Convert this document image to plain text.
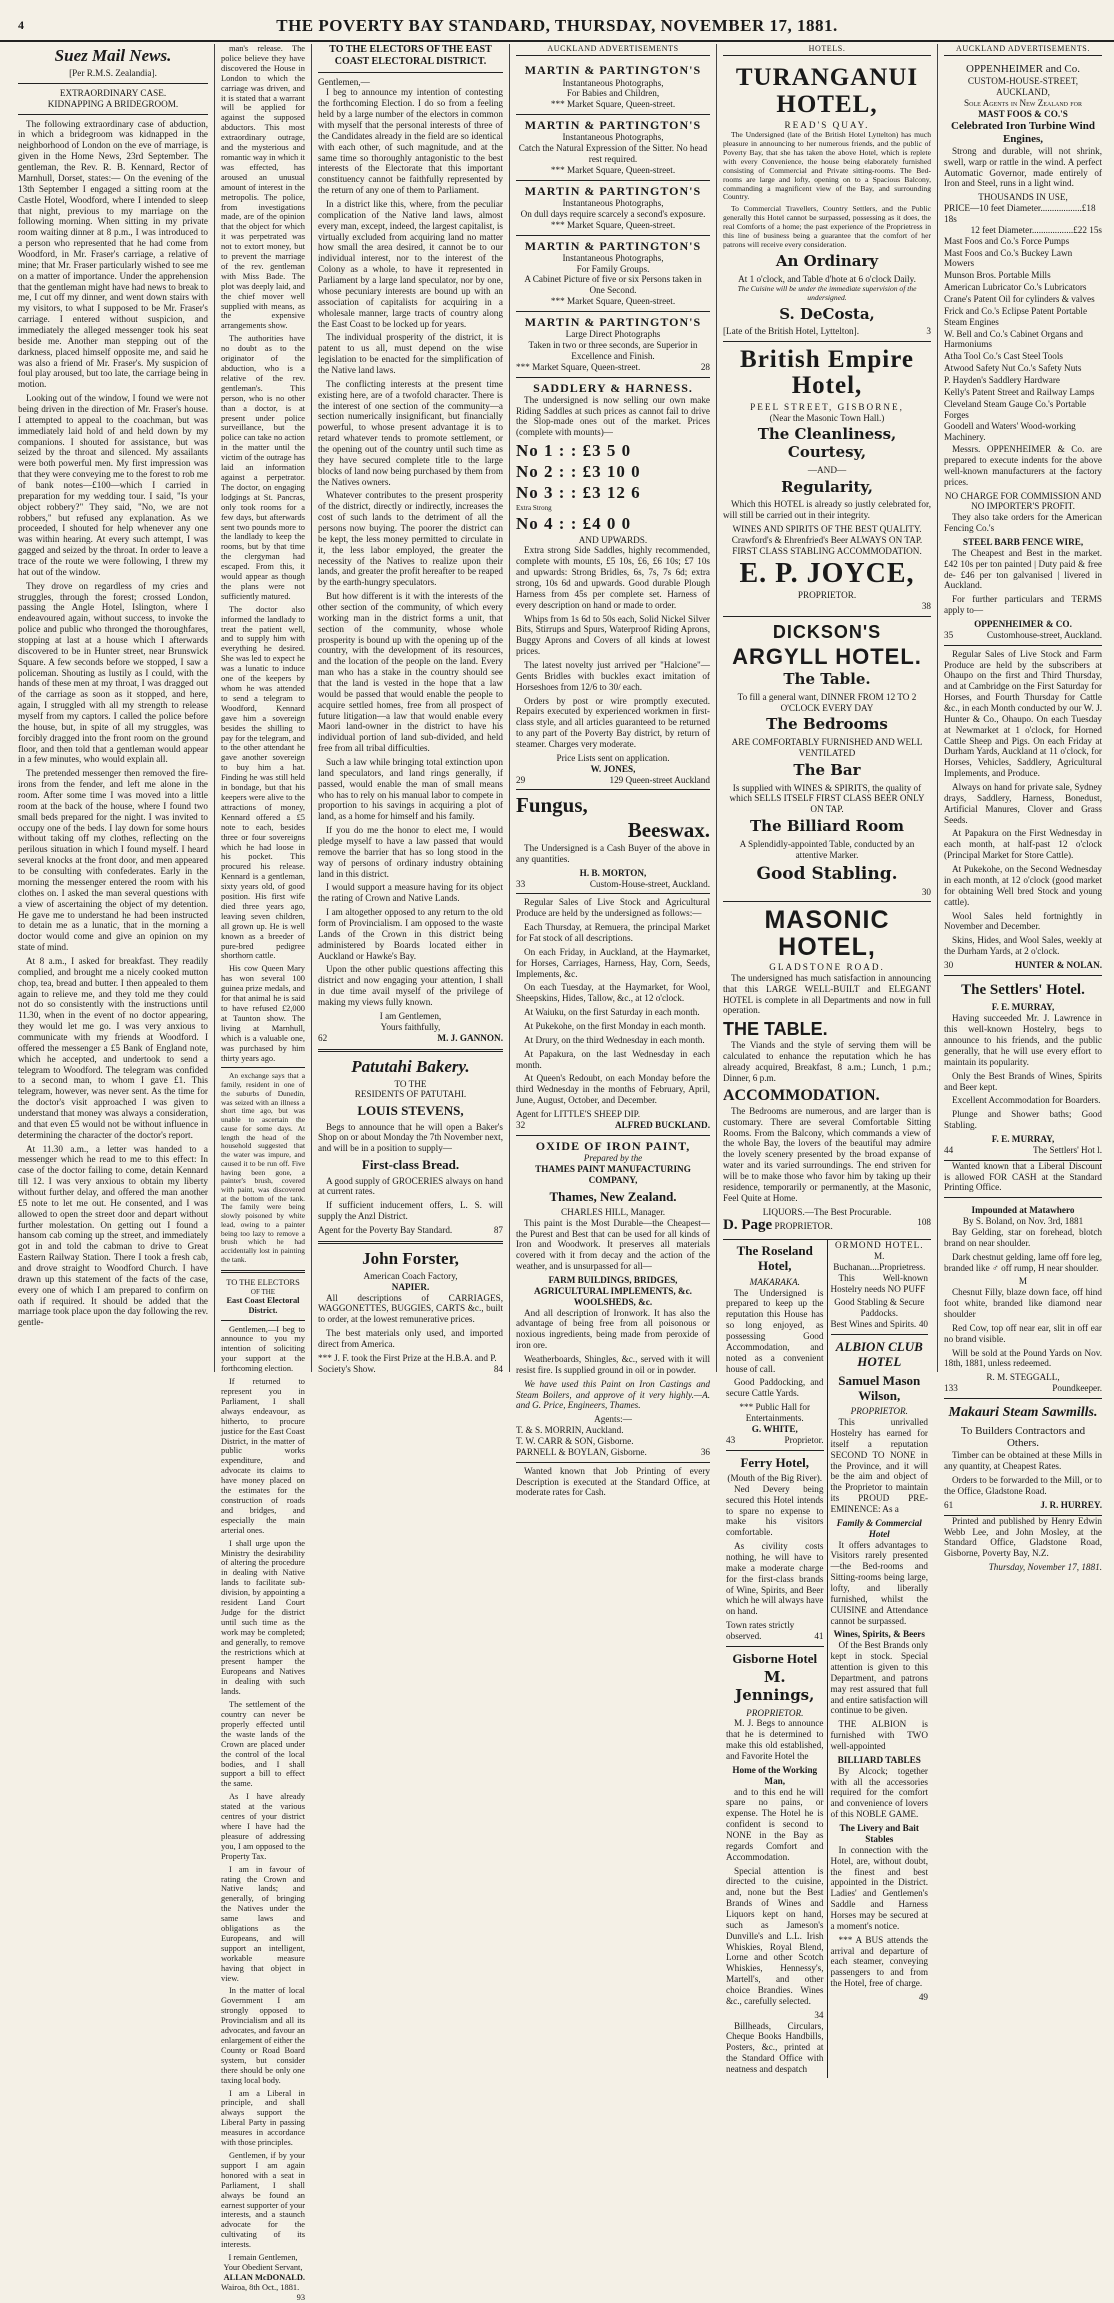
4	THE POVERTY BAY STANDARD, THURSDAY, NOVEMBER 17, 1881.
Suez Mail News.
[Per R.M.S. Zealandia].
EXTRAORDINARY CASE.
KIDNAPPING A BRIDEGROOM.

The following extraordinary case of abduction, in which a bridegroom was kidnapped in the neighborhood of London on the eve of marriage, is given in the Home News, 23rd September. The gentleman, the Rev. R. B. Kennard, Rector of Marnhull, Dorset, states:— On the evening of the 13th September I engaged a sitting room at the Castle Hotel, Woodford, where I intended to sleep that night, previous to my marriage on the following morning. When sitting in my private room waiting dinner at 8 p.m., I was introduced to a person who represented that he had come from Woodford, in Mr. Fraser's carriage, a relative of mine; that Mr. Fraser particularly wished to see me on a matter of importance. Under the apprehension that the gentleman might have had news to break to me, I cut off my dinner, and went down stairs with my visitors, to what I supposed to be Mr. Fraser's carriage. I entered without suspicion, and immediately the alleged messenger took his seat beside me. Another man stepping out of the darkness, placed himself opposite me, and said he was also a friend of Mr. Fraser's. My suspicion of foul play aroused, but too late, the carriage being in motion.

Looking out of the window, I found we were not being driven in the direction of Mr. Fraser's house. I attempted to appeal to the coachman, but was immediately laid hold of and held down by my companions. I shouted for assistance, but was seized by the throat and silenced. My assailants were both powerful men. My first impression was that they were conveying me to the forest to rob me of bank notes—£100—which I carried in preparation for my wedding tour. I said, "Is your object robbery?" They said, "No, we are not robbers," but refused any explanation. As we proceeded, I shouted for help whenever any one was within hearing. At every such attempt, I was gagged and seized by the throat. In order to leave a trace of the route we were following, I threw my hat out of the window.

They drove on regardless of my cries and struggles, through the forest; crossed London, passing the Angle Hotel, Islington, where I endeavoured again, without success, to invoke the police and public who thronged the thoroughfares, stopping at last at a house which I afterwards discovered to be in Hunter street, near Brunswick Square. A few seconds before we stopped, I saw a policeman. Shouting as lustily as I could, with the hands of these men at my throat, I was dragged out of the carriage as soon as it stopped, and here, again, I struggled with all my strength to release myself from my captors. I called the police before the house, but, in spite of all my struggles, was forcibly dragged into the front room on the ground floor, and then told that a gentleman would appear in a few minutes, who would explain all.

The pretended messenger then removed the fire-irons from the fender, and left me alone in the room. After some time I was moved into a little room at the back of the house, where I found two small beds prepared for the night. I was invited to occupy one of the beds. I lay down for some hours without taking off my clothes, reflecting on the perilous situation in which I found myself. I heard several knocks at the front door, and men appeared to be consulting with confederates. Early in the morning the messenger entered the room with his clothes on. I asked the man several questions with a view of ascertaining the object of my detention. He gave me to understand he had been instructed to detain me as a lunatic, that in the morning a doctor would come and give an opinion on my state of mind.

At 8 a.m., I asked for breakfast. They readily complied, and brought me a nicely cooked mutton chop, tea, bread and butter. I then appealed to them again to relieve me, and they told me they could not do so consistently with the instructions until 11.30, when in the event of no doctor appearing, they would let me go. I was very anxious to communicate with my friends at Woodford. I offered the messenger a £5 Bank of England note, which he accepted, and undertook to send a telegram to Woodford. The telegram was confided to a second man, to whom I gave £1. This telegram, however, was never sent. As the time for the doctor's visit approached I was given to understand that money was always a consideration, and that even £5 would not be without influence in determining the character of the doctor's report.

At 11.30 a.m., a letter was handed to a messenger which he read to me to this effect: In case of the doctor failing to come, detain Kennard till 12. I was very anxious to obtain my liberty without further delay, and offered the man another £5 note to let me out. He consented, and I was allowed to open the street door and depart without further molestation. On getting out I found a hansom cab coming up the street, and immediately got in and told the cabman to drive to Great Eastern Railway Station. There I took a fresh cab, and drove straight to Woodford Church. I have drawn up this statement of the facts of the case, every one of which I am prepared to confirm on oath if required. It should be added that the marriage took place upon the day following the rev. gentle-

man's release. The police believe they have discovered the House in London to which the carriage was driven, and it is stated that a warrant will be applied for against the supposed abductors. This most extraordinary outrage, and the mysterious and romantic way in which it was effected, has aroused an unusual amount of interest in the metropolis. The police, from investigations made, are of the opinion that the object for which it was perpetrated was not to extort money, but to prevent the marriage of the rev. gentleman with Miss Bade. The plot was deeply laid, and the chief mover well supplied with means, as the expensive arrangements show.

The authorities have no doubt as to the originator of the abduction, who is a relative of the rev. gentleman's. This person, who is no other than a doctor, is at present under police surveillance, but the police can take no action in the matter until the victim of the outrage has laid an information against a perpetrator. The doctor, on engaging lodgings at St. Pancras, only took rooms for a few days, but afterwards sent two pounds more to the landlady to keep the rooms, but by that time the clergyman had escaped. From this, it would appear as though the plans were not sufficiently matured.

The doctor also informed the landlady to treat the patient well, and to supply him with everything he desired. She was led to expect he was a lunatic to induce one of the keepers by whom he was attended to send a telegram to Woodford, Kennard gave him a sovereign besides the shilling to pay for the telegram, and to the other attendant he gave another sovereign to buy him a hat. Finding he was still held in bondage, but that his keepers were alive to the attractions of money, Kennard offered a £5 note to each, besides three or four sovereigns which he had loose in his pocket. This procured his release. Kennard is a gentleman, sixty years old, of good position. His first wife died three years ago, leaving seven children, all grown up. He is well known as a breeder of pure-bred pedigree shorthorn cattle.

His cow Queen Mary has won several 100 guinea prize medals, and for that animal he is said to have refused £2,000 at Taunton show. The living at Marnhull, which is a valuable one, was purchased by him thirty years ago.

An exchange says that a family, resident in one of the suburbs of Dunedin, was seized with an illness a short time ago, but was unable to ascertain the cause for some days. At length the head of the household suggested that the water was impure, and caused it to be run off. Five having been gone, a painter's brush, covered with paint, was discovered at the bottom of the tank. The family were being slowly poisoned by white lead, owing to a painter being too lazy to remove a brush which he had accidentally lost in painting the tank.

TO THE ELECTORS
OF THE
East Coast Electoral District.

Gentlemen,—I beg to announce to you my intention of soliciting your support at the forthcoming election.

If returned to represent you in Parliament, I shall always endeavour, as hitherto, to procure justice for the East Coast District, in the matter of public works expenditure, and advocate its claims to have money placed on the estimates for the construction of roads and bridges, and especially the main arterial ones.

I shall urge upon the Ministry the desirability of altering the procedure in dealing with Native lands to facilitate sub-division, by appointing a resident Land Court Judge for the district until such time as the work may be completed; and generally, to remove the restrictions which at present hamper the Europeans and Natives in dealing with such lands.

The settlement of the country can never be properly effected until the waste lands of the Crown are placed under the control of the local bodies, and I shall support a bill to effect the same.

As I have already stated at the various centres of your district where I have had the pleasure of addressing you, I am opposed to the Property Tax.

I am in favour of rating the Crown and Native lands; and generally, of bringing the Natives under the same laws and obligations as the Europeans, and will support an intelligent, workable measure having that object in view.

In the matter of local Government I am strongly opposed to Provincialism and all its advocates, and favour an enlargement of either the County or Road Board system, but consider there should be only one taxing local body.

I am a Liberal in principle, and shall always support the Liberal Party in passing measures in accordance with those principles.

Gentlemen, if by your support I am again honored with a seat in Parliament, I shall always be found an earnest supporter of your interests, and a staunch advocate for the cultivating of its interests.

I remain Gentlemen,
Your Obedient Servant,
ALLAN McDONALD.
Wairoa, 8th Oct., 1881.
93
TO THE ELECTORS OF THE EAST COAST ELECTORAL DISTRICT.
Gentlemen,—

I beg to announce my intention of contesting the forthcoming Election. I do so from a feeling held by a large number of the electors in common with myself that the personal interests of three of the Candidates already in the field are so identical with each other, of such magnitude, and at the same time so thoroughly antagonistic to the best interests of the Electorate that this important constituency cannot be faithfully represented by the return of any one of them to Parliament.

In a district like this, where, from the peculiar complication of the Native land laws, almost every man, except, indeed, the largest capitalist, is virtually excluded from acquiring land no matter how small the area desired, it cannot be to our individual interest, nor to the interest of the Colony as a whole, to have it represented in Parliament by a large land speculator, nor by one, whose pecuniary interests are bound up with an association of capitalists for acquiring in a wholesale manner, large tracts of country along the East Coast to be locked up for years.

The individual prosperity of the district, it is patent to us all, must depend on the wise legislation to be enacted for the simplification of the Native land laws.

The conflicting interests at the present time existing here, are of a twofold character. There is the interest of one section of the community—a section numerically insignificant, but financially powerful, to whose present advantage it is to retard whatever tends to promote settlement, or the opening out of the country until such time as they have secured complete title to the large blocks of land now being purchased by them from the Natives owners.

Whatever contributes to the present prosperity of the district, directly or indirectly, increases the cost of such lands to the detriment of all the persons now buying. The poorer the district can be kept, the less money permitted to circulate in it, the less labor employed, the greater the necessity of the Natives to realize upon their lands, and greater the profit hereafter to be reaped by the earth-hungry speculators.

But how different is it with the interests of the other section of the community, of which every working man in the district forms a unit, that section of the community, whose whole prosperity is bound up with the opening up of the country, with the development of its resources, and the location of the people on the land. Every man who has a stake in the country should see that the land is vested in the hope that a law would be passed that would enable the people to acquire settled homes, free from all prospect of future litigation—a law that would enable every Maori land-owner in the district to have his individual portion of land sub-divided, and held free from all tribal difficulties.

Such a law while bringing total extinction upon land speculators, and land rings generally, if passed, would enable the man of small means who has to rely on his manual labor to compete in proportion to his savings in acquiring a plot of land, as a home for himself and his family.

If you do me the honor to elect me, I would pledge myself to have a law passed that would remove the barrier that has so long stood in the way of persons of ordinary industry obtaining land in this district.

I would support a measure having for its object the rating of Crown and Native Lands.

I am altogether opposed to any return to the old form of Provincialism. I am opposed to the waste Lands of the Crown in this district being administered by Boards located either in Auckland or Hawke's Bay.

Upon the other public questions affecting this district and now engaging your attention, I shall in due time avail myself of the privilege of making my views fully known.

I am Gentlemen,
Yours faithfully,
62	M. J. GANNON.
Patutahi Bakery.
TO THE
RESIDENTS OF PATUTAHI.
LOUIS STEVENS,

Begs to announce that he will open a Baker's Shop on or about Monday the 7th November next, and will be in a position to supply—

First-class Bread.

A good supply of GROCERIES always on hand at current rates.

If sufficient inducement offers, L. S. will supply the Anzl District.

Agent for the Poverty Bay Standard.	87
John Forster,
American Coach Factory,
NAPIER.

All descriptions of CARRIAGES, WAGGONETTES, BUGGIES, CARTS &c., built to order, at the lowest remunerative prices.

The best materials only used, and imported direct from America.

*** J. F. took the First Prize at the H.B.A. and P. Society's Show.	84
AUCKLAND ADVERTISEMENTS
MARTIN & PARTINGTON'S
Instantaneous Photographs,
For Babies and Children,
*** Market Square, Queen-street.
MARTIN & PARTINGTON'S
Instantaneous Photographs,
Catch the Natural Expression of the Sitter. No head rest required.
*** Market Square, Queen-street.
MARTIN & PARTINGTON'S
Instantaneous Photographs,
On dull days require scarcely a second's exposure.
*** Market Square, Queen-street.
MARTIN & PARTINGTON'S
Instantaneous Photographs,
For Family Groups.
A Cabinet Picture of five or six Persons taken in One Second.
*** Market Square, Queen-street.
MARTIN & PARTINGTON'S
Large Direct Photographs
Taken in two or three seconds, are Superior in Excellence and Finish.
*** Market Square, Queen-street.	28
SADDLERY & HARNESS.

The undersigned is now selling our own make Riding Saddles at such prices as cannot fail to drive the Slop-made ones out of the market. Prices (complete with mounts)—

No 1 : : £3 5 0
No 2 : : £3 10 0
No 3 : : £3 12 6
Extra Strong
No 4 : : £4 0 0
AND UPWARDS.

Extra strong Side Saddles, highly recommended, complete with mounts, £5 10s, £6, £6 10s; £7 10s and upwards: Strong Bridles, 6s, 7s, 7s 6d; extra strong, 10s 6d and upwards. Good durable Plough Harness from 45s per complete set. Harness of every description on hand or made to order.

Whips from 1s 6d to 50s each, Solid Nickel Silver Bits, Stirrups and Spurs, Waterproof Riding Aprons, Buggy Aprons and Covers of all kinds at lowest prices.

The latest novelty just arrived per "Halcione"—Gents Bridles with buckles exact imitation of Horseshoes from 12/6 to 30/ each.

Orders by post or wire promptly executed. Repairs executed by experienced workmen in first-class style, and all articles guaranteed to be returned to any part of the Poverty Bay district, by return of steamer. Charges very moderate.

Price Lists sent on application.
W. JONES,
29	129 Queen-street Auckland
Fungus,
Beeswax.

The Undersigned is a Cash Buyer of the above in any quantities.

H. B. MORTON,
33	Custom-House-street, Auckland.

Regular Sales of Live Stock and Agricultural Produce are held by the undersigned as follows:—

Each Thursday, at Remuera, the principal Market for Fat stock of all descriptions.

On each Friday, in Auckland, at the Haymarket, for Horses, Carriages, Harness, Hay, Corn, Seeds, Implements, &c.

On each Tuesday, at the Haymarket, for Wool, Sheepskins, Hides, Tallow, &c., at 12 o'clock.

At Waiuku, on the first Saturday in each month.

At Pukekohe, on the first Monday in each month.

At Drury, on the third Wednesday in each month.

At Papakura, on the last Wednesday in each month.

At Queen's Redoubt, on each Monday before the third Wednesday in the months of February, April, June, August, October, and December.

Agent for LITTLE'S SHEEP DIP.
32	ALFRED BUCKLAND.
OXIDE OF IRON PAINT,
Prepared by the
THAMES PAINT MANUFACTURING COMPANY,
Thames, New Zealand.
CHARLES HILL, Manager.

This paint is the Most Durable—the Cheapest—the Purest and Best that can be used for all kinds of Iron and Woodwork. It preserves all materials covered with it from decay and the action of the weather, and is unsurpassed for all—

FARM BUILDINGS, BRIDGES, AGRICULTURAL IMPLEMENTS, &c. WOOLSHEDS, &c.

And all description of Ironwork. It has also the advantage of being free from all poisonous or noxious ingredients, being made from peroxide of iron ore.

Weatherboards, Shingles, &c., served with it will resist fire. Is supplied ground in oil or in powder.

We have used this Paint on Iron Castings and Steam Boilers, and approve of it very highly.—A. and G. Price, Engineers, Thames.

Agents:—
T. & S. MORRIN, Auckland.
T. W. CARR & SON, Gisborne.
PARNELL & BOYLAN, Gisborne.	36

Wanted known that Job Printing of every Description is executed at the Standard Office, at moderate rates for Cash.

HOTELS.
TURANGANUI HOTEL,
READ'S QUAY.

The Undersigned (late of the British Hotel Lyttelton) has much pleasure in announcing to her numerous friends, and the public of Poverty Bay, that she has taken the above Hotel, which is replete with every Convenience, the house being elaborately furnished consisting of Commercial and Private sitting-rooms. The Bed-rooms are large and lofty, opening on to a Spacious Balcony, commanding a magnificent view of the Bay, and surrounding Country.

To Commercial Travellers, Country Settlers, and the Public generally this Hotel cannot be surpassed, possessing as it does, the real Comforts of a home; the past experience of the Proprietress in this line of business being a guarantee that the comfort of her patrons will receive every consideration.

An Ordinary
At 1 o'clock, and Table d'hote at 6 o'clock Daily.
The Cuisine will be under the immediate supervision of the undersigned.
S. DeCosta,
[Late of the British Hotel, Lyttelton].	3
British Empire Hotel,
PEEL STREET, GISBORNE,
(Near the Masonic Town Hall.)
The Cleanliness, Courtesy,
—AND—
Regularity,

Which this HOTEL is already so justly celebrated for, will still be carried out in their integrity.

WINES AND SPIRITS OF THE BEST QUALITY.
Crawford's & Ehrenfried's Beer ALWAYS ON TAP.
FIRST CLASS STABLING ACCOMMODATION.
E. P. JOYCE,
PROPRIETOR.
38
DICKSON'S
ARGYLL HOTEL.
The Table.
To fill a general want, DINNER FROM 12 TO 2 O'CLOCK EVERY DAY
The Bedrooms
ARE COMFORTABLY FURNISHED AND WELL VENTILATED
The Bar
Is supplied with WINES & SPIRITS, the quality of which SELLS ITSELF FIRST CLASS BEER ONLY ON TAP.
The Billiard Room
A Splendidly-appointed Table, conducted by an attentive Marker.
Good Stabling.
30
MASONIC HOTEL,
GLADSTONE ROAD.

The undersigned has much satisfaction in announcing that this LARGE WELL-BUILT and ELEGANT HOTEL is complete in all Departments and now in full operation.

THE TABLE.

The Viands and the style of serving them will be calculated to enhance the reputation which he has already acquired, Breakfast, 8 a.m.; Lunch, 1 p.m.; Dinner, 6 p.m.

ACCOMMODATION.

The Bedrooms are numerous, and are larger than is customary. There are several Comfortable Sitting Rooms. From the Balcony, which commands a view of the whole Bay, the lovers of the beautiful may admire the lovely scenery presented by the broad expanse of water and its varied surroundings. The end striven for will be to make those who favor him by taking up their residence, temporarily or permanently, at the Masonic, Feel Quite at Home.

LIQUORS.—The Best Procurable.
D. Page PROPRIETOR.	108
The Roseland Hotel,
MAKARAKA.

The Undersigned is prepared to keep up the reputation this House has so long enjoyed, as possessing Good Accommodation, and noted as a convenient house of call.

Good Paddocking, and secure Cattle Yards.

*** Public Hall for Entertainments.
G. WHITE,
43	Proprietor.
Ferry Hotel,
(Mouth of the Big River).

Ned Devery being secured this Hotel intends to spare no expense to make his visitors comfortable.

As civility costs nothing, he will have to make a moderate charge for the first-class brands of Wine, Spirits, and Beer which he will always have on hand.

Town rates strictly observed.	41
Gisborne Hotel
M. Jennings,
PROPRIETOR.

M. J. Begs to announce that he is determined to make this old established, and Favorite Hotel the

Home of the Working Man,

and to this end he will spare no pains, or expense. The Hotel he is confident is second to NONE in the Bay as regards Comfort and Accommodation.

Special attention is directed to the cuisine, and, none but the Best Brands of Wines and Liquors kept on hand, such as Jameson's Dunville's and L.L. Irish Whiskies, Royal Blend, Lorne and other Scotch Whiskies, Hennessy's, Martell's, and other choice Brandies. Wines &c., carefully selected.

34

Billheads, Circulars, Cheque Books Handbills, Posters, &c., printed at the Standard Office with neatness and despatch

ORMOND HOTEL.
M. Buchanan....Proprietress.

This Well-known Hostelry needs NO PUFF

Good Stabling & Secure Paddocks.
Best Wines and Spirits. 40
ALBION CLUB HOTEL
Samuel Mason Wilson,
PROPRIETOR.

This unrivalled Hostelry has earned for itself a reputation SECOND TO NONE in the Province, and it will be the aim and object of the Proprietor to maintain its PROUD PRE-EMINENCE: As a

Family & Commercial Hotel

It offers advantages to Visitors rarely presented—the Bed-rooms and Sitting-rooms being large, lofty, and liberally furnished, whilst the CUISINE and Attendance cannot be surpassed.

Wines, Spirits, & Beers

Of the Best Brands only kept in stock. Special attention is given to this Department, and patrons may rest assured that full and entire satisfaction will continue to be given.

THE ALBION is furnished with TWO well-appointed

BILLIARD TABLES

By Alcock; together with all the accessories required for the comfort and convenience of lovers of this NOBLE GAME.

The Livery and Bait Stables

In connection with the Hotel, are, without doubt, the finest and best appointed in the District. Ladies' and Gentlemen's Saddle and Harness Horses may be secured at a moment's notice.

*** A BUS attends the arrival and departure of each steamer, conveying passengers to and from the Hotel, free of charge.

49
AUCKLAND ADVERTISEMENTS.
OPPENHEIMER and Co.
CUSTOM-HOUSE-STREET,
AUCKLAND,
Sole Agents in New Zealand for
MAST FOOS & CO.'S
Celebrated Iron Turbine Wind Engines,

Strong and durable, will not shrink, swell, warp or rattle in the wind. A perfect Automatic Governor, made entirely of Iron and Steel, runs in a light wind.

THOUSANDS IN USE,
PRICE—10 feet Diameter..................£18 18s
12 feet Diameter..................£22 15s
Mast Foos and Co.'s Force Pumps
Mast Foos and Co.'s Buckey Lawn Mowers
Munson Bros. Portable Mills
American Lubricator Co.'s Lubricators
Crane's Patent Oil for cylinders & valves
Frick and Co.'s Eclipse Patent Portable Steam Engines
W. Bell and Co.'s Cabinet Organs and Harmoniums
Atha Tool Co.'s Cast Steel Tools
Atwood Safety Nut Co.'s Safety Nuts
P. Hayden's Saddlery Hardware
Kelly's Patent Street and Railway Lamps
Cleveland Steam Gauge Co.'s Portable Forges
Goodell and Waters' Wood-working Machinery.

Messrs. OPPENHEIMER & Co. are prepared to execute indents for the above well-known manufacturers at the factory prices.

NO CHARGE FOR COMMISSION AND NO IMPORTER'S PROFIT.

They also take orders for the American Fencing Co.'s

STEEL BARB FENCE WIRE,

The Cheapest and Best in the market. £42 10s per ton painted | Duty paid & free de- £46 per ton galvanised | livered in Auckland.

For further particulars and TERMS apply to—

OPPENHEIMER & CO.
35	Customhouse-street, Auckland.

Regular Sales of Live Stock and Farm Produce are held by the subscribers at Ohaupo on the first and Third Thursday, and at Cambridge on the First Saturday for Horses, and Fourth Thursday for Cattle &c., in each Month conducted by our W. J. Hunter & Co., Ohaupo. On each Tuesday at Newmarket at 1 o'clock, for Horned Cattle Sheep and Pigs. On each Friday at Durham Yards, Auckland at 11 o'clock, for Horses, Vehicles, Saddlery, Agricultural Implements, and Produce.

Always on hand for private sale, Sydney drays, Saddlery, Harness, Bonedust, Artificial Manures, Clover and Grass Seeds.

At Papakura on the First Wednesday in each month, at half-past 12 o'clock (Principal Market for Store Cattle).

At Pukekohe, on the Second Wednesday in each month, at 12 o'clock (good market for obtaining Well bred Stock and young cattle).

Wool Sales held fortnightly in November and December.

Skins, Hides, and Wool Sales, weekly at the Durham Yards, at 2 o'clock.

30	HUNTER & NOLAN.
The Settlers' Hotel.
F. E. MURRAY,

Having succeeded Mr. J. Lawrence in this well-known Hostelry, begs to announce to his friends, and the public generally, that he will use every effort to maintain its popularity.

Only the Best Brands of Wines, Spirits and Beer kept.

Excellent Accommodation for Boarders.

Plunge and Shower baths; Good Stabling.

F. E. MURRAY,
44	The Settlers' Hot l.

Wanted known that a Liberal Discount is allowed FOR CASH at the Standard Printing Office.

Impounded at Matawhero
By S. Boland, on Nov. 3rd, 1881

Bay Gelding, star on forehead, blotch brand on near shoulder.

Dark chestnut gelding, lame off fore leg, branded like ♂ off rump, H near shoulder.

M

Chesnut Filly, blaze down face, off hind foot white, branded like diamond near shoulder

Red Cow, top off near ear, slit in off ear no brand visible.

Will be sold at the Pound Yards on Nov. 18th, 1881, unless redeemed.

R. M. STEGGALL,
133	Poundkeeper.
Makauri Steam Sawmills.
To Builders Contractors and Others.

Timber can be obtained at these Mills in any quantity, at Cheapest Rates.

Orders to be forwarded to the Mill, or to the Office, Gladstone Road.

61	J. R. HURREY.

Printed and published by Henry Edwin Webb Lee, and John Mosley, at the Standard Office, Gladstone Road, Gisborne, Poverty Bay, N.Z.

Thursday, November 17, 1881.
